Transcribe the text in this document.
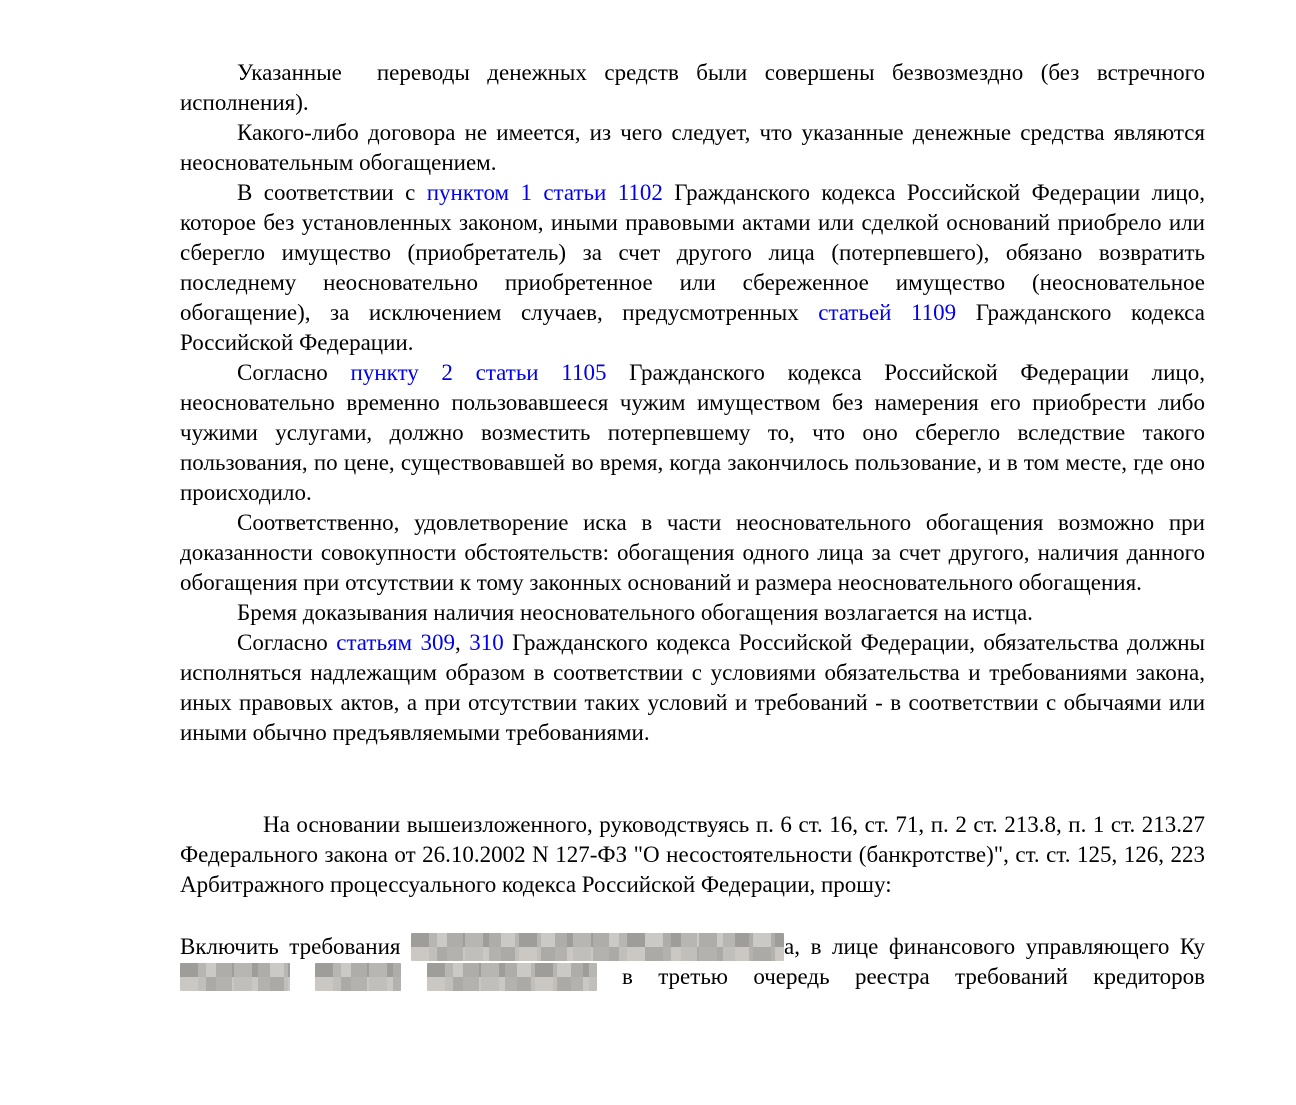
Указанные  переводы денежных средств были совершены безвозмездно (без встречного исполнения).

Какого-либо договора не имеется, из чего следует, что указанные денежные средства являются неосновательным обогащением.

В соответствии с пунктом 1 статьи 1102 Гражданского кодекса Российской Федерации лицо, которое без установленных законом, иными правовыми актами или сделкой оснований приобрело или сберегло имущество (приобретатель) за счет другого лица (потерпевшего), обязано возвратить последнему неосновательно приобретенное или сбереженное имущество (неосновательное обогащение), за исключением случаев, предусмотренных статьей 1109 Гражданского кодекса Российской Федерации.

Согласно пункту 2 статьи 1105 Гражданского кодекса Российской Федерации лицо, неосновательно временно пользовавшееся чужим имуществом без намерения его приобрести либо чужими услугами, должно возместить потерпевшему то, что оно сберегло вследствие такого пользования, по цене, существовавшей во время, когда закончилось пользование, и в том месте, где оно происходило.

Соответственно, удовлетворение иска в части неосновательного обогащения возможно при доказанности совокупности обстоятельств: обогащения одного лица за счет другого, наличия данного обогащения при отсутствии к тому законных оснований и размера неосновательного обогащения.

Бремя доказывания наличия неосновательного обогащения возлагается на истца.

Согласно статьям 309, 310 Гражданского кодекса Российской Федерации, обязательства должны исполняться надлежащим образом в соответствии с условиями обязательства и требованиями закона, иных правовых актов, а при отсутствии таких условий и требований - в соответствии с обычаями или иными обычно предъявляемыми требованиями.

На основании вышеизложенного, руководствуясь п. 6 ст. 16, ст. 71, п. 2 ст. 213.8, п. 1 ст. 213.27 Федерального закона от 26.10.2002 N 127-ФЗ "О несостоятельности (банкротстве)", ст. ст. 125, 126, 223 Арбитражного процессуального кодекса Российской Федерации, прошу:

Включить требования	а, в лице финансового управляющего Ку   в третью очередь реестра требований кредиторов
